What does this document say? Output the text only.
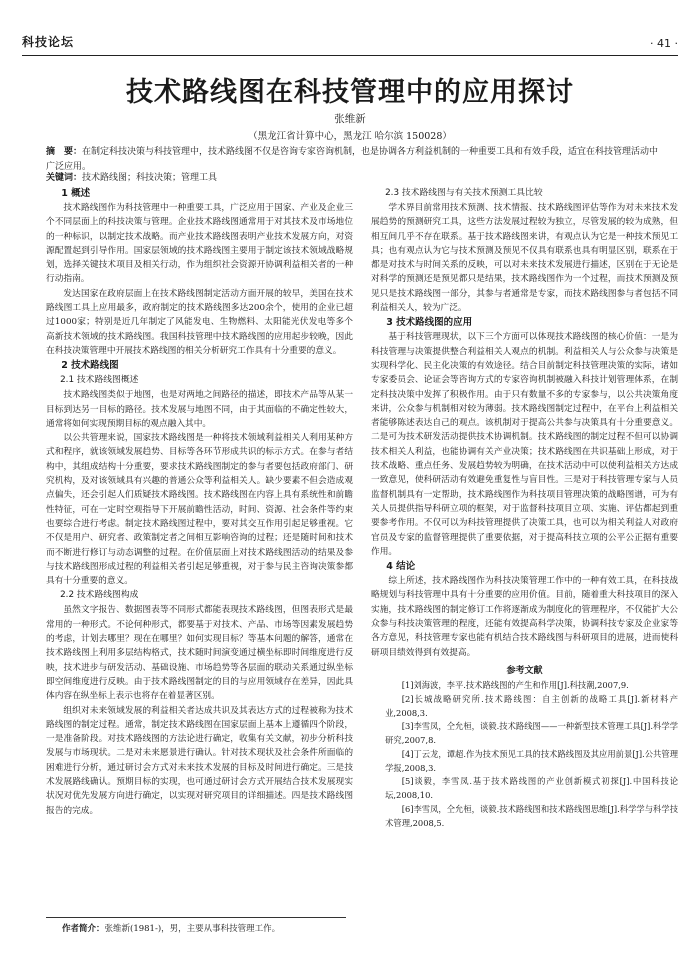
科技论坛	· 41 ·
技术路线图在科技管理中的应用探讨
张维新
（黑龙江省计算中心，黑龙江 哈尔滨 150028）
摘　要：在制定科技决策与科技管理中，技术路线图不仅是咨询专家咨询机制，也是协调各方利益机制的一种重要工具和有效手段，适宜在科技管理活动中广泛应用。
关键词：技术路线图；科技决策；管理工具
1 概述

技术路线图作为科技管理中一种重要工具，广泛应用于国家、产业及企业三个不同层面上的科技决策与管理。企业技术路线图通常用于对其技术及市场地位的一种标识，以制定技术战略。而产业技术路线图表明产业技术发展方向，对资源配置起到引导作用。国家层领域的技术路线图主要用于制定该技术领域战略规划，选择关键技术项目及相关行动，作为组织社会资源开协调利益相关者的一种行动指南。

发达国家在政府层面上在技术路线图制定活动方面开展的较早，美国在技术路线图工具上应用最多，政府制定的技术路线图多达200余个，使用的企业已超过1000家；特别是近几年制定了风能发电、生物燃料、太阳能光伏发电等多个高新技术领域的技术路线图。我国科技管理中技术路线图的应用起步较晚，因此在科技决策管理中开展技术路线图的相关分析研究工作具有十分重要的意义。

2 技术路线图
2.1 技术路线图概述

技术路线图类似于地图，也是对两地之间路径的描述，即技术产品等从某一目标到达另一目标的路径。技术发展与地图不同，由于其面临的不确定性较大，通常将如何实现预期目标的观点融入其中。

以公共管理来说，国家技术路线图是一种将技术领域利益相关人利用某种方式和程序，就该领域发展趋势、目标等各环节形成共识的标示方式。在参与者结构中，其组成结构十分重要，要求技术路线图制定的参与者要包括政府部门、研究机构，及对该领域具有兴趣的普通公众等利益相关人。缺少要素不但会造成观点偏失，还会引起人们质疑技术路线图。技术路线图在内容上具有系统性和前瞻性特征，可在一定时空观指导下开展前瞻性活动，时间、资源、社会条件等约束也要综合进行考虑。制定技术路线图过程中，要对其交互作用引起足够重视。它不仅是用户、研究者、政策制定者之间相互影响咨询的过程；还是随时间和技术而不断进行修订与动态调整的过程。在价值层面上对技术路线图活动的结果及参与技术路线图形成过程的利益相关者引起足够重视，对于参与民主咨询决策参都具有十分重要的意义。

2.2 技术路线图构成

虽然文字报告、数据图表等不同形式都能表现技术路线图，但图表形式是最常用的一种形式。不论何种形式，都要基于对技术、产品、市场等因素发展趋势的考虑，计划去哪里？现在在哪里？如何实现目标？等基本问题的解答，通常在技术路线图上利用多层结构格式，技术随时间演变通过横坐标即时间维度进行反映，技术进步与研发活动、基础设施、市场趋势等各层面的联动关系通过纵坐标即空间维度进行反映。由于技术路线图制定的目的与应用领域存在差异，因此具体内容在纵坐标上表示也将存在着显著区别。

组织对未来领域发展的利益相关者达成共识及其表达方式的过程被称为技术路线图的制定过程。通常，制定技术路线图在国家层面上基本上遵循四个阶段，一是准备阶段。对技术路线图的方法论进行确定，收集有关文献，初步分析科技发展与市场现状。二是对未来愿景进行确认。针对技术现状及社会条件所面临的困难进行分析，通过研讨会方式对未来技术发展的目标及时间进行确定。三是技术发展路线确认。预期目标的实现，也可通过研讨会方式开展结合技术发展现实状况对优先发展方向进行确定，以实现对研究项目的详细描述。四是技术路线图报告的完成。

2.3 技术路线图与有关技术预测工具比较

学术界目前常用技术预测、技术情报、技术路线图评估等作为对未来技术发展趋势的预测研究工具，这些方法发展过程较为独立，尽管发展的较为成熟，但相互间几乎不存在联系。基于技术路线图来讲，有观点认为它是一种技术预见工具；也有观点认为它与技术预测及预见不仅具有联系也具有明显区别，联系在于都是对技术与时间关系的反映，可以对未来技术发展进行描述，区别在于无论是对科学的预测还是预见都只是结果，技术路线图作为一个过程，而技术预测及预见只是技术路线图一部分，其参与者通常是专家，而技术路线图参与者包括不同利益相关人，较为广泛。

3 技术路线图的应用

基于科技管理现状，以下三个方面可以体现技术路线图的核心价值：一是为科技管理与决策提供整合利益相关人观点的机制。利益相关人与公众参与决策是实现科学化、民主化决策的有效途径。结合目前制定科技管理决策的实际，诸如专家委员会、论证会等咨询方式的专家咨询机制被融入科技计划管理体系，在制定科技决策中发挥了积极作用。由于只有数量不多的专家参与，以公共决策角度来讲，公众参与机制相对较为薄弱。技术路线图制定过程中，在平台上利益相关者能够陈述表达自己的观点。该机制对于提高公共参与决策具有十分重要意义。二是可为技术研发活动提供技术协调机制。技术路线图的制定过程不但可以协调技术相关人利益，也能协调有关产业决策；技术路线图在共识基础上形成，对于技术战略、重点任务、发展趋势较为明确，在技术活动中可以使利益相关方达成一致意见，使科研活动有效避免重复性与盲目性。三是对于科技管理专家与人员监督机制具有一定帮助，技术路线图作为科技项目管理决策的战略图谱，可为有关人员提供指导科研立项的框架，对于监督科技项目立项、实施、评估都起到重要参考作用。不仅可以为科技管理提供了决策工具，也可以为相关利益人对政府官员及专家的监督管理提供了重要依据，对于提高科技立项的公平公正据有重要作用。

4 结论

综上所述，技术路线图作为科技决策管理工作中的一种有效工具，在科技战略规划与科技管理中具有十分重要的应用价值。目前，随着重大科技项目的深入实施，技术路线图的制定修订工作将逐渐成为制度化的管理程序，不仅能扩大公众参与科技决策管理的程度，还能有效提高科学决策，协调科技专家及企业家等各方意见，科技管理专家也能有机结合技术路线图与科研项目的进展，进而使科研项目绩效得到有效提高。

参考文献

[1]刘海波，李平.技术路线图的产生和作用[J].科技潮,2007,9.

[2]长城战略研究所.技术路线图：自主创新的战略工具[J].新材料产业,2008,3.

[3]李雪凤，仝允桓，谈毅.技术路线图——一种新型技术管理工具[J].科学学研究,2007,8.

[4]丁云龙，谭超.作为技术预见工具的技术路线图及其应用前景[J].公共管理学报,2008,3.

[5]谈毅，李雪凤.基于技术路线图的产业创新模式初探[J].中国科技论坛,2008,10.

[6]李雪凤，仝允桓，谈毅.技术路线图和技术路线图思维[J].科学学与科学技术管理,2008,5.

作者简介：张维新(1981-)，男，主要从事科技管理工作。
